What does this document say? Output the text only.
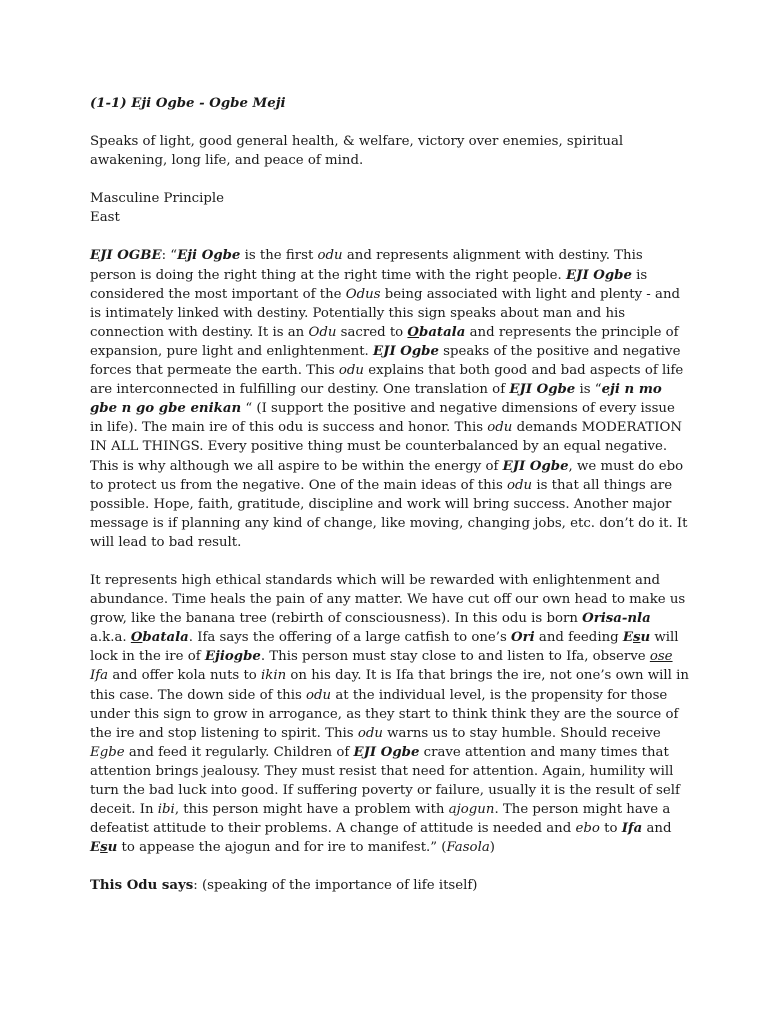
(1-1) Eji Ogbe - Ogbe Meji

Speaks of light, good general health, & welfare, victory over enemies, spiritual awakening, long life, and peace of mind.

Masculine Principle
East

EJI OGBE: “Eji Ogbe is the first odu and represents alignment with destiny. This person is doing the right thing at the right time with the right people. EJI Ogbe is considered the most important of the Odus being associated with light and plenty - and is intimately linked with destiny. Potentially this sign speaks about man and his connection with destiny. It is an Odu sacred to Obatala and represents the principle of expansion, pure light and enlightenment. EJI Ogbe speaks of the positive and negative forces that permeate the earth. This odu explains that both good and bad aspects of life are interconnected in fulfilling our destiny. One translation of EJI Ogbe is “eji n mo gbe n go gbe enikan “ (I support the positive and negative dimensions of every issue in life). The main ire of this odu is success and honor. This odu demands MODERATION IN ALL THINGS. Every positive thing must be counterbalanced by an equal negative. This is why although we all aspire to be within the energy of EJI Ogbe, we must do ebo to protect us from the negative. One of the main ideas of this odu is that all things are possible. Hope, faith, gratitude, discipline and work will bring success. Another major message is if planning any kind of change, like moving, changing jobs, etc. don’t do it. It will lead to bad result.

It represents high ethical standards which will be rewarded with enlightenment and abundance. Time heals the pain of any matter. We have cut off our own head to make us grow, like the banana tree (rebirth of consciousness). In this odu is born Orisa-nla a.k.a. Obatala. Ifa says the offering of a large catfish to one’s Ori and feeding Esu will lock in the ire of Ejiogbe. This person must stay close to and listen to Ifa, observe ose Ifa and offer kola nuts to ikin on his day. It is Ifa that brings the ire, not one’s own will in this case. The down side of this odu at the individual level, is the propensity for those under this sign to grow in arrogance, as they start to think think they are the source of the ire and stop listening to spirit. This odu warns us to stay humble. Should receive Egbe and feed it regularly. Children of EJI Ogbe crave attention and many times that attention brings jealousy. They must resist that need for attention. Again, humility will turn the bad luck into good. If suffering poverty or failure, usually it is the result of self deceit. In ibi, this person might have a problem with ajogun. The person might have a defeatist attitude to their problems. A change of attitude is needed and ebo to Ifa and Esu to appease the ajogun and for ire to manifest.” (Fasola)

This Odu says: (speaking of the importance of life itself)
